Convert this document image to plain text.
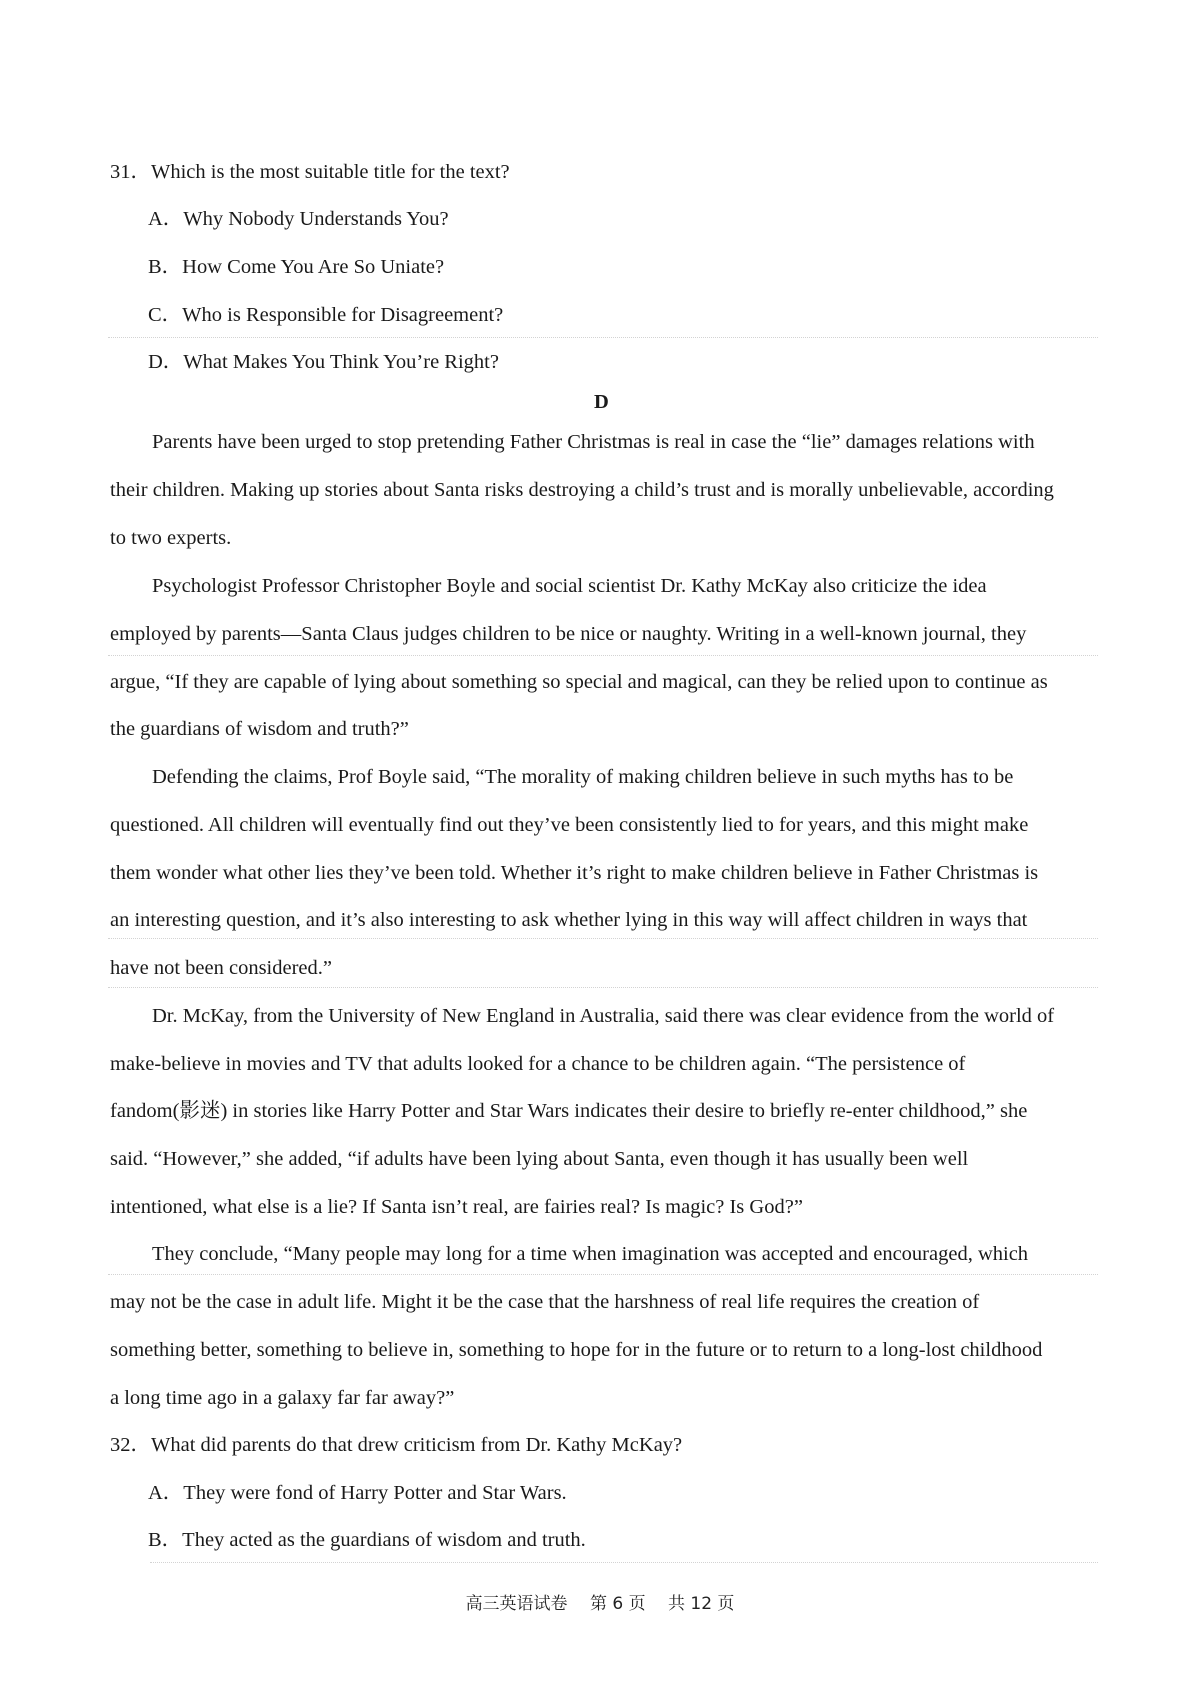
31．Which is the most suitable title for the text?
A．Why Nobody Understands You?
B．How Come You Are So Uniate?
C．Who is Responsible for Disagreement?
D．What Makes You Think You’re Right?
D
Parents have been urged to stop pretending Father Christmas is real in case the “lie” damages relations with
their children. Making up stories about Santa risks destroying a child’s trust and is morally unbelievable, according
to two experts.
Psychologist Professor Christopher Boyle and social scientist Dr. Kathy McKay also criticize the idea
employed by parents—Santa Claus judges children to be nice or naughty. Writing in a well-known journal, they
argue, “If they are capable of lying about something so special and magical, can they be relied upon to continue as
the guardians of wisdom and truth?”
Defending the claims, Prof Boyle said, “The morality of making children believe in such myths has to be
questioned. All children will eventually find out they’ve been consistently lied to for years, and this might make
them wonder what other lies they’ve been told. Whether it’s right to make children believe in Father Christmas is
an interesting question, and it’s also interesting to ask whether lying in this way will affect children in ways that
have not been considered.”
Dr. McKay, from the University of New England in Australia, said there was clear evidence from the world of
make-believe in movies and TV that adults looked for a chance to be children again. “The persistence of
fandom(影迷) in stories like Harry Potter and Star Wars indicates their desire to briefly re-enter childhood,” she
said. “However,” she added, “if adults have been lying about Santa, even though it has usually been well
intentioned, what else is a lie? If Santa isn’t real, are fairies real? Is magic? Is God?”
They conclude, “Many people may long for a time when imagination was accepted and encouraged, which
may not be the case in adult life. Might it be the case that the harshness of real life requires the creation of
something better, something to believe in, something to hope for in the future or to return to a long-lost childhood
a long time ago in a galaxy far far away?”
32．What did parents do that drew criticism from Dr. Kathy McKay?
A．They were fond of Harry Potter and Star Wars.
B．They acted as the guardians of wisdom and truth.
高三英语试卷　 第 6 页　 共 12 页
